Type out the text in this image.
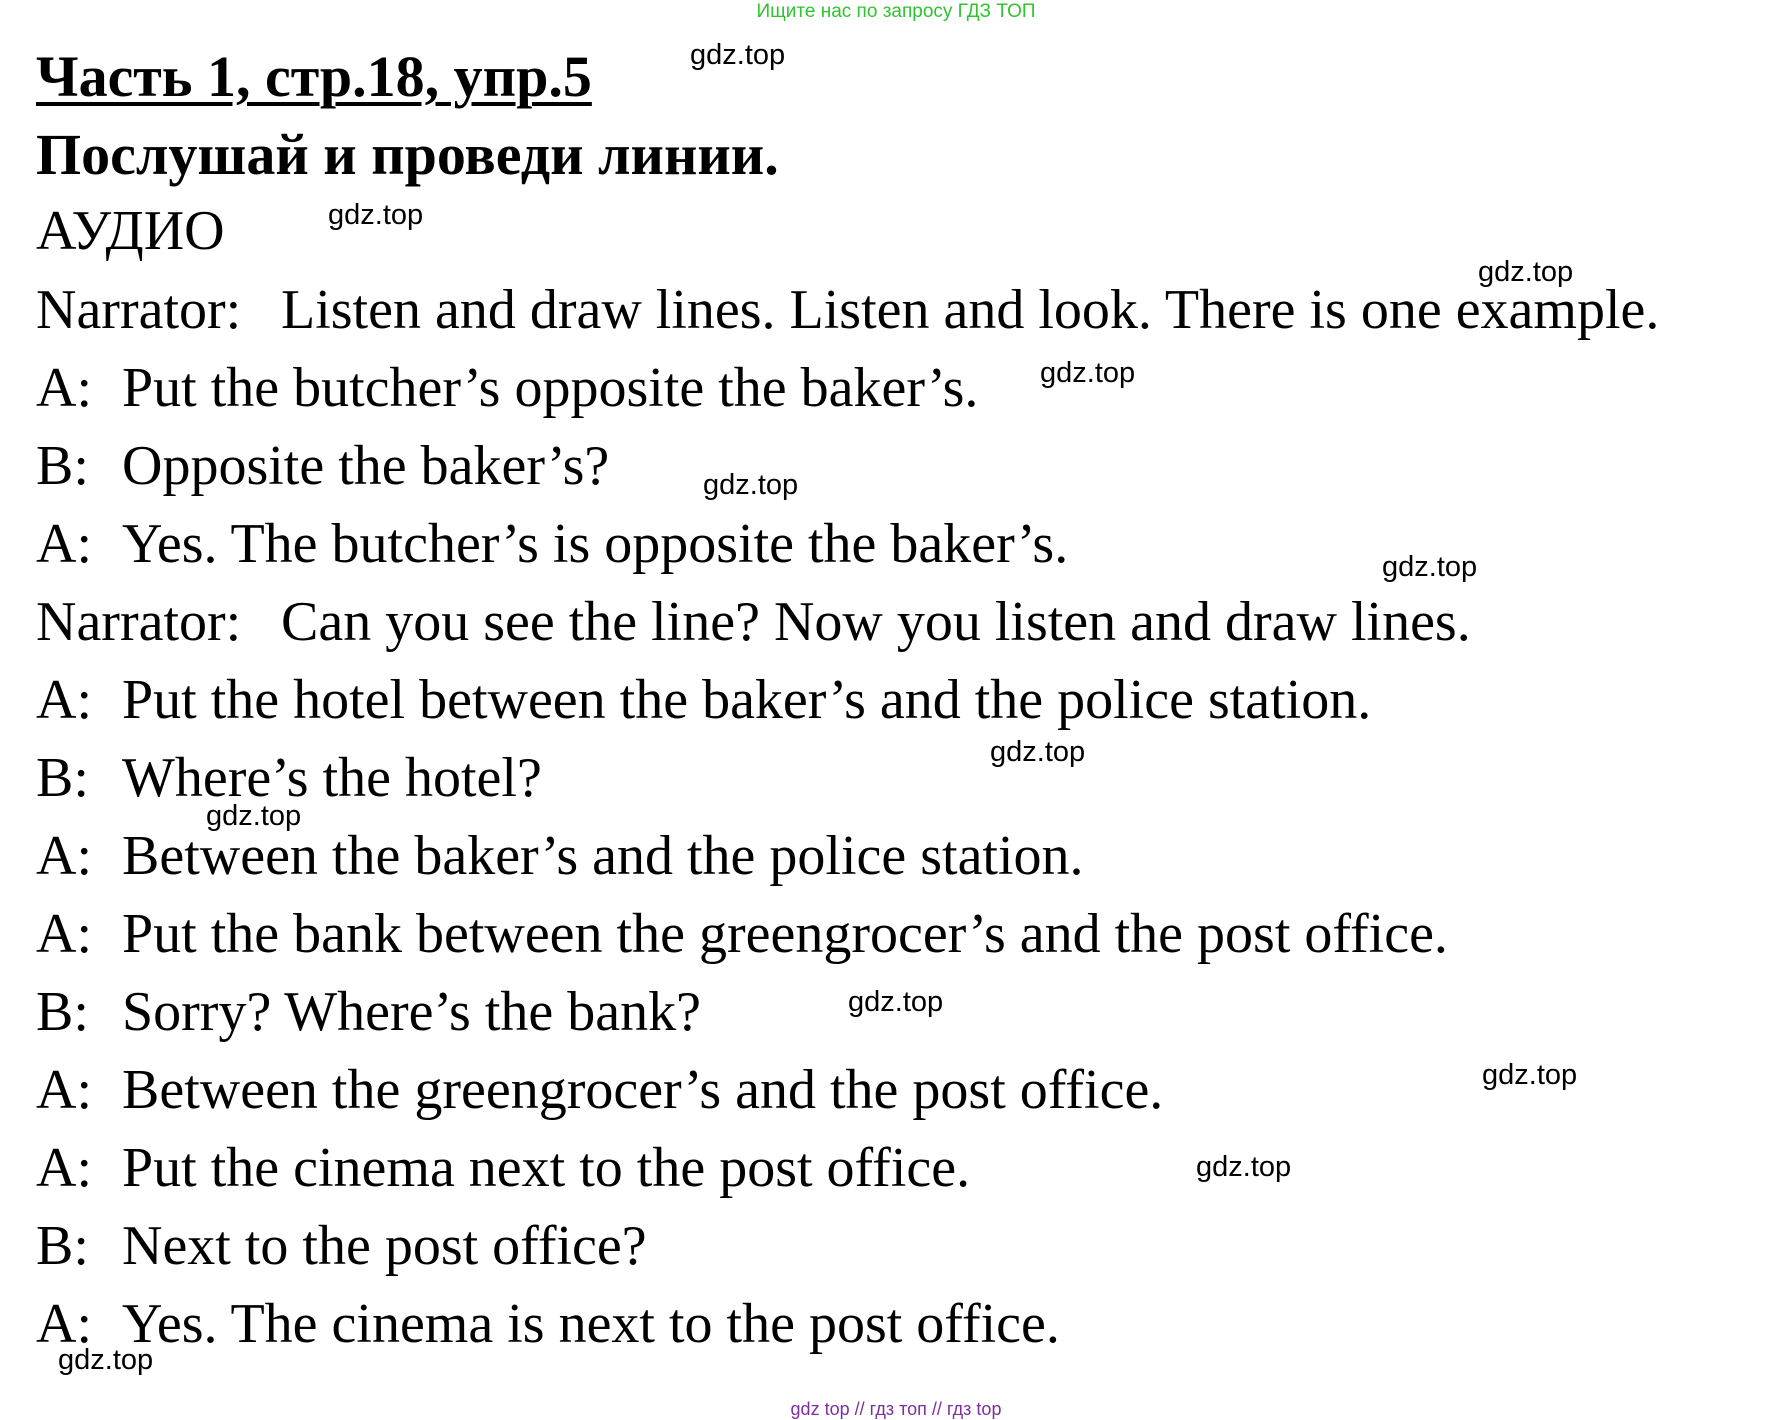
Ищите нас по запросу ГДЗ ТОП
Часть 1, стр.18, упр.5
Послушай и проведи линии.
АУДИО
Narrator: Listen and draw lines. Listen and look. There is one example.
A: Put the butcher’s opposite the baker’s.
B: Opposite the baker’s?
A: Yes. The butcher’s is opposite the baker’s.
Narrator: Can you see the line? Now you listen and draw lines.
A: Put the hotel between the baker’s and the police station.
B: Where’s the hotel?
A: Between the baker’s and the police station.
A: Put the bank between the greengrocer’s and the post office.
B: Sorry? Where’s the bank?
A: Between the greengrocer’s and the post office.
A: Put the cinema next to the post office.
B: Next to the post office?
A: Yes. The cinema is next to the post office.
gdz.top
gdz.top
gdz.top
gdz.top
gdz.top
gdz.top
gdz.top
gdz.top
gdz.top
gdz.top
gdz.top
gdz.top
gdz top // гдз топ // гдз top
